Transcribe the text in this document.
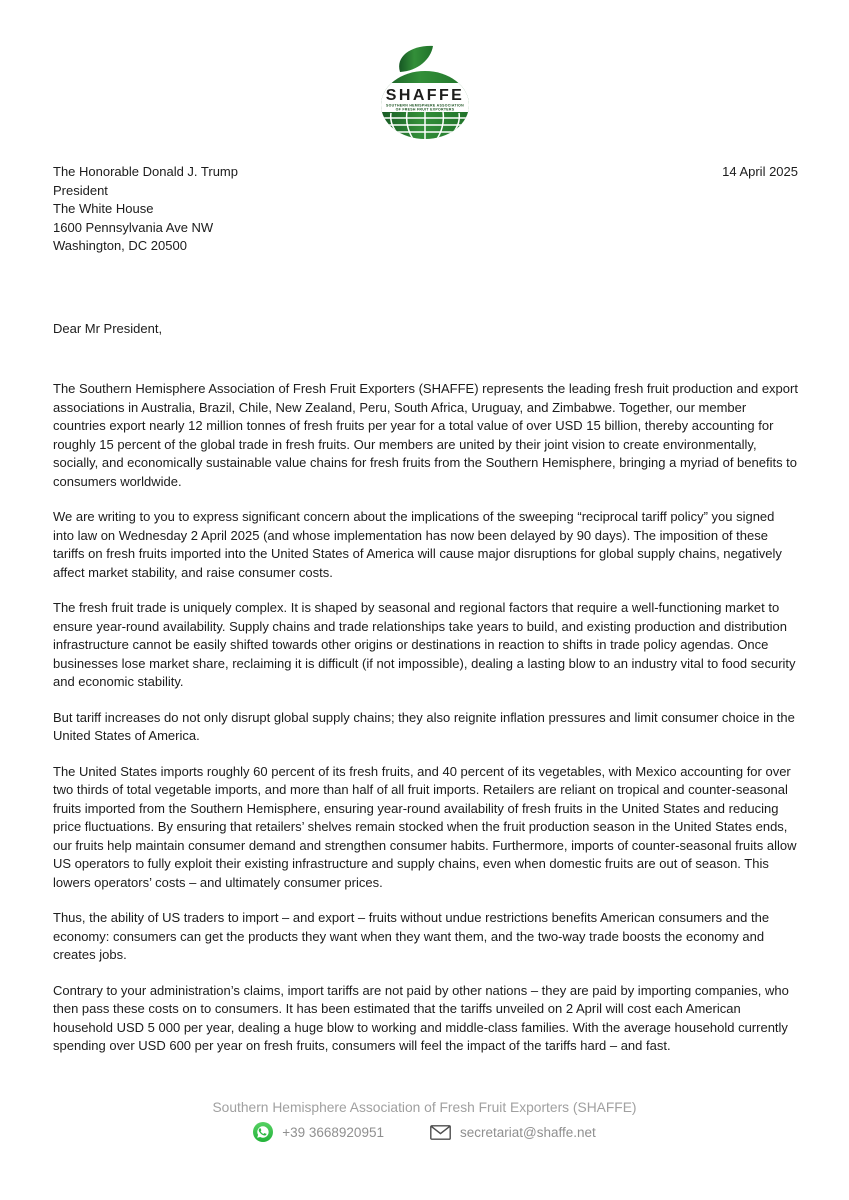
SHAFFE
SOUTHERN HEMISPHERE ASSOCIATION
OF FRESH FRUIT EXPORTERS
The Honorable Donald J. Trump
President
The White House
1600 Pennsylvania Ave NW
Washington, DC 20500
14 April 2025

Dear Mr President,

The Southern Hemisphere Association of Fresh Fruit Exporters (SHAFFE) represents the leading fresh fruit production and export associations in Australia, Brazil, Chile, New Zealand, Peru, South Africa, Uruguay, and Zimbabwe. Together, our member countries export nearly 12 million tonnes of fresh fruits per year for a total value of over USD 15 billion, thereby accounting for roughly 15 percent of the global trade in fresh fruits. Our members are united by their joint vision to create environmentally, socially, and economically sustainable value chains for fresh fruits from the Southern Hemisphere, bringing a myriad of benefits to consumers worldwide.

We are writing to you to express significant concern about the implications of the sweeping “reciprocal tariff policy” you signed into law on Wednesday 2 April 2025 (and whose implementation has now been delayed by 90 days). The imposition of these tariffs on fresh fruits imported into the United States of America will cause major disruptions for global supply chains, negatively affect market stability, and raise consumer costs.

The fresh fruit trade is uniquely complex. It is shaped by seasonal and regional factors that require a well-functioning market to ensure year-round availability. Supply chains and trade relationships take years to build, and existing production and distribution infrastructure cannot be easily shifted towards other origins or destinations in reaction to shifts in trade policy agendas. Once businesses lose market share, reclaiming it is difficult (if not impossible), dealing a lasting blow to an industry vital to food security and economic stability.

But tariff increases do not only disrupt global supply chains; they also reignite inflation pressures and limit consumer choice in the United States of America.

The United States imports roughly 60 percent of its fresh fruits, and 40 percent of its vegetables, with Mexico accounting for over two thirds of total vegetable imports, and more than half of all fruit imports. Retailers are reliant on tropical and counter-seasonal fruits imported from the Southern Hemisphere, ensuring year-round availability of fresh fruits in the United States and reducing price fluctuations. By ensuring that retailers’ shelves remain stocked when the fruit production season in the United States ends, our fruits help maintain consumer demand and strengthen consumer habits. Furthermore, imports of counter-seasonal fruits allow US operators to fully exploit their existing infrastructure and supply chains, even when domestic fruits are out of season. This lowers operators’ costs – and ultimately consumer prices.

Thus, the ability of US traders to import – and export – fruits without undue restrictions benefits American consumers and the economy: consumers can get the products they want when they want them, and the two-way trade boosts the economy and creates jobs.

Contrary to your administration’s claims, import tariffs are not paid by other nations – they are paid by importing companies, who then pass these costs on to consumers. It has been estimated that the tariffs unveiled on 2 April will cost each American household USD 5 000 per year, dealing a huge blow to working and middle-class families. With the average household currently spending over USD 600 per year on fresh fruits, consumers will feel the impact of the tariffs hard – and fast.

Southern Hemisphere Association of Fresh Fruit Exporters (SHAFFE)
+39 3668920951	secretariat@shaffe.net
